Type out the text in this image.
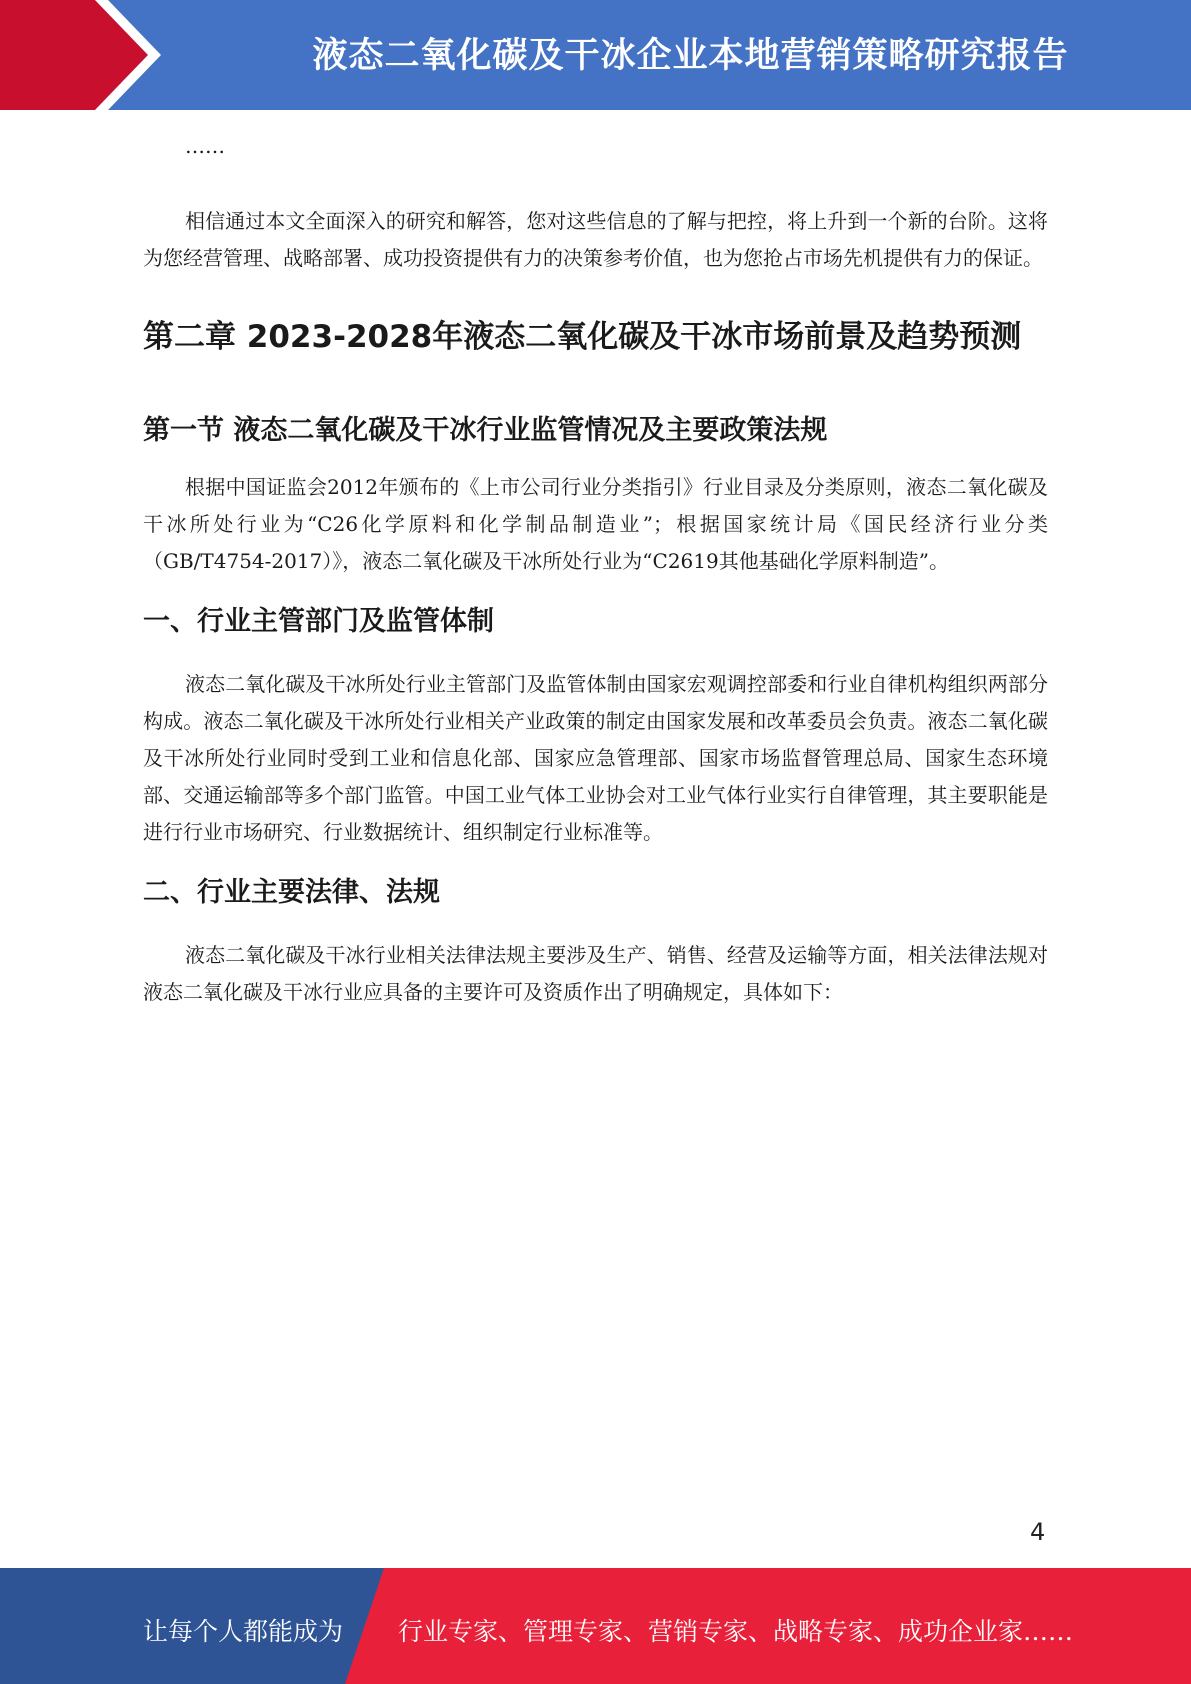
液态二氧化碳及干冰企业本地营销策略研究报告

……

相信通过本文全面深入的研究和解答，您对这些信息的了解与把控，将上升到一个新的台阶。这将为您经营管理、战略部署、成功投资提供有力的决策参考价值，也为您抢占市场先机提供有力的保证。

第二章 2023-2028年液态二氧化碳及干冰市场前景及趋势预测
第一节 液态二氧化碳及干冰行业监管情况及主要政策法规

根据中国证监会2012年颁布的《上市公司行业分类指引》行业目录及分类原则，液态二氧化碳及干冰所处行业为“C26化学原料和化学制品制造业”；根据国家统计局《国民经济行业分类（GB/T4754-2017）》，液态二氧化碳及干冰所处行业为“C2619其他基础化学原料制造”。

一、行业主管部门及监管体制

液态二氧化碳及干冰所处行业主管部门及监管体制由国家宏观调控部委和行业自律机构组织两部分构成。液态二氧化碳及干冰所处行业相关产业政策的制定由国家发展和改革委员会负责。液态二氧化碳及干冰所处行业同时受到工业和信息化部、国家应急管理部、国家市场监督管理总局、国家生态环境部、交通运输部等多个部门监管。中国工业气体工业协会对工业气体行业实行自律管理，其主要职能是进行行业市场研究、行业数据统计、组织制定行业标准等。

二、行业主要法律、法规

液态二氧化碳及干冰行业相关法律法规主要涉及生产、销售、经营及运输等方面，相关法律法规对液态二氧化碳及干冰行业应具备的主要许可及资质作出了明确规定，具体如下：

4
让每个人都能成为 行业专家、管理专家、营销专家、战略专家、成功企业家……
